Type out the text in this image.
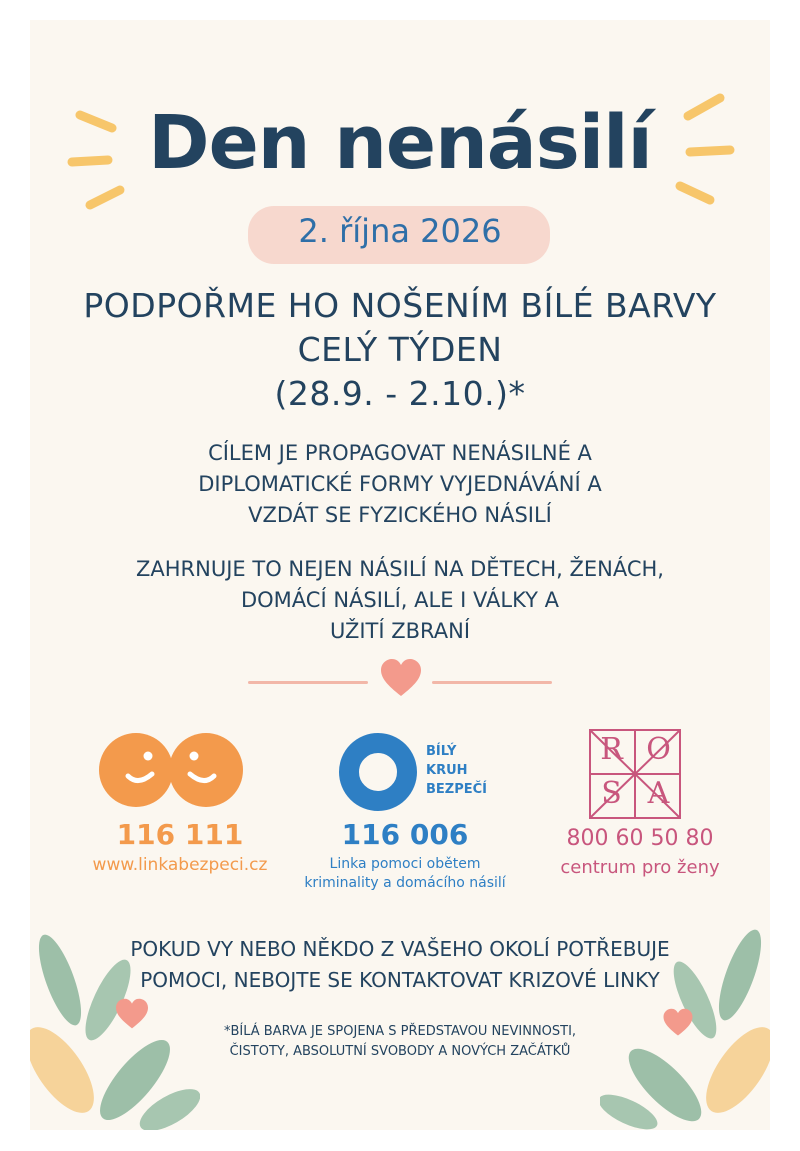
Den nenásilí
2. října 2026
PODPOŘME HO NOŠENÍM BÍLÉ BARVY
CELÝ TÝDEN
(28.9. - 2.10.)*
CÍLEM JE PROPAGOVAT NENÁSILNÉ A
DIPLOMATICKÉ FORMY VYJEDNÁVÁNÍ A
VZDÁT SE FYZICKÉHO NÁSILÍ
ZAHRNUJE TO NEJEN NÁSILÍ NA DĚTECH, ŽENÁCH,
DOMÁCÍ NÁSILÍ, ALE I VÁLKY A
UŽITÍ ZBRANÍ
116 111
www.linkabezpeci.cz
BÍLÝ
KRUH
BEZPEČÍ
116 006
Linka pomoci obětem
kriminality a domácího násilí
R O
S A
800 60 50 80
centrum pro ženy
POKUD VY NEBO NĚKDO Z VAŠEHO OKOLÍ POTŘEBUJE
POMOCI, NEBOJTE SE KONTAKTOVAT KRIZOVÉ LINKY
*BÍLÁ BARVA JE SPOJENA S PŘEDSTAVOU NEVINNOSTI,
ČISTOTY, ABSOLUTNÍ SVOBODY A NOVÝCH ZAČÁTKŮ
